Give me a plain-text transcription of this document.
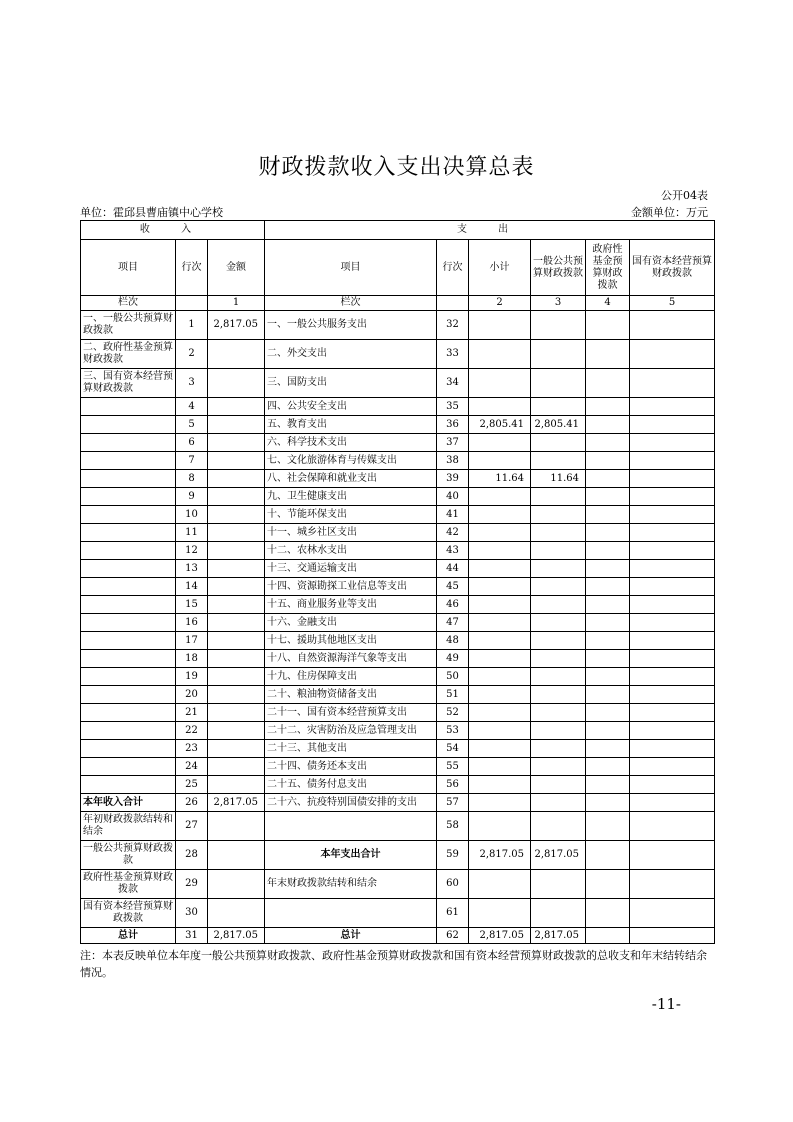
财政拨款收入支出决算总表
公开04表
单位：霍邱县曹庙镇中心学校	金额单位：万元
收 入			支 出					
项目	行次	金额	项目	行次	小计	一般公共预算财政拨款	政府性基金预算财政拨款	国有资本经营预算财政拨款
栏次		1	栏次		2	3	4	5
一、一般公共预算财政拨款	1	2,817.05	一、一般公共服务支出	32				
二、政府性基金预算财政拨款	2		二、外交支出	33				
三、国有资本经营预算财政拨款	3		三、国防支出	34				
	4		四、公共安全支出	35				
	5		五、教育支出	36	2,805.41	2,805.41		
	6		六、科学技术支出	37				
	7		七、文化旅游体育与传媒支出	38				
	8		八、社会保障和就业支出	39	11.64	11.64		
	9		九、卫生健康支出	40				
	10		十、节能环保支出	41				
	11		十一、城乡社区支出	42				
	12		十二、农林水支出	43				
	13		十三、交通运输支出	44				
	14		十四、资源勘探工业信息等支出	45				
	15		十五、商业服务业等支出	46				
	16		十六、金融支出	47				
	17		十七、援助其他地区支出	48				
	18		十八、自然资源海洋气象等支出	49				
	19		十九、住房保障支出	50				
	20		二十、粮油物资储备支出	51				
	21		二十一、国有资本经营预算支出	52				
	22		二十二、灾害防治及应急管理支出	53				
	23		二十三、其他支出	54				
	24		二十四、债务还本支出	55				
	25		二十五、债务付息支出	56				
本年收入合计	26	2,817.05	二十六、抗疫特别国债安排的支出	57				
年初财政拨款结转和结余	27			58				
一般公共预算财政拨款	28		本年支出合计	59	2,817.05	2,817.05		
政府性基金预算财政拨款	29		年末财政拨款结转和结余	60				
国有资本经营预算财政拨款	30			61				
总计	31	2,817.05	总计	62	2,817.05	2,817.05		
注：本表反映单位本年度一般公共预算财政拨款、政府性基金预算财政拨款和国有资本经营预算财政拨款的总收支和年末结转结余情况。
-11-
